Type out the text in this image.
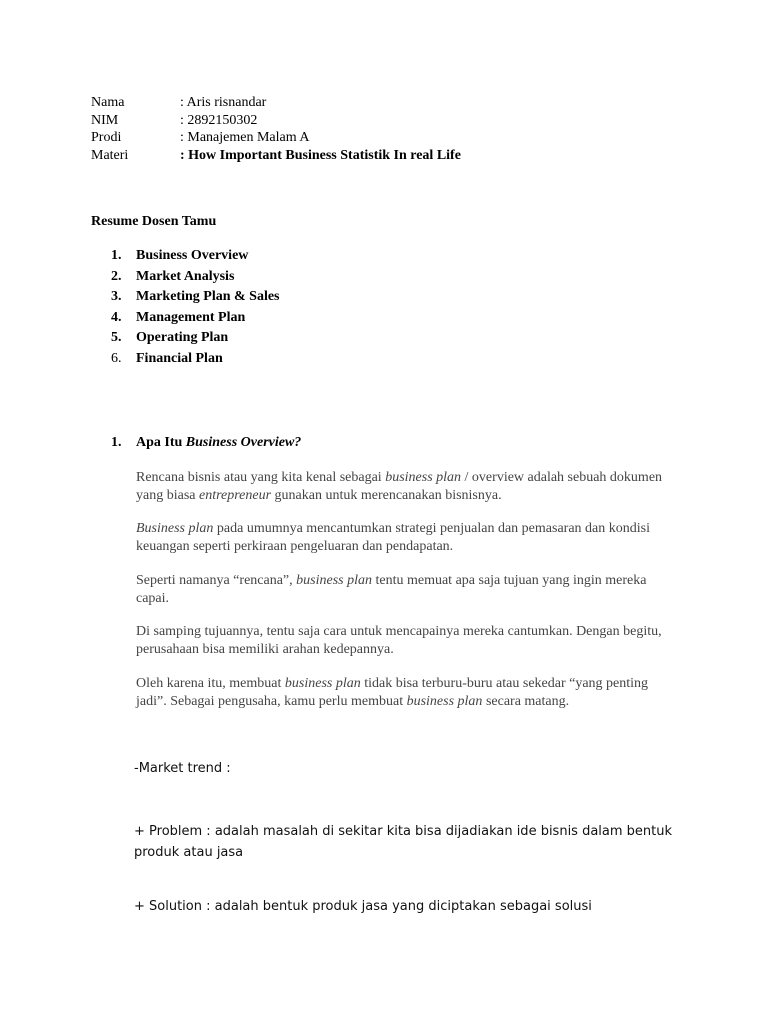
Nama	: Aris risnandar
NIM	: 2892150302
Prodi	: Manajemen Malam A
Materi	: How Important Business Statistik In real Life
Resume Dosen Tamu
1.	Business Overview
2.	Market Analysis
3.	Marketing Plan & Sales
4.	Management Plan
5.	Operating Plan
6.	Financial Plan
1.	Apa Itu Business Overview?

Rencana bisnis atau yang kita kenal sebagai business plan / overview adalah sebuah dokumen yang biasa entrepreneur gunakan untuk merencanakan bisnisnya.

Business plan pada umumnya mencantumkan strategi penjualan dan pemasaran dan kondisi keuangan seperti perkiraan pengeluaran dan pendapatan.

Seperti namanya “rencana”, business plan tentu memuat apa saja tujuan yang ingin mereka capai.

Di samping tujuannya, tentu saja cara untuk mencapainya mereka cantumkan. Dengan begitu, perusahaan bisa memiliki arahan kedepannya.

Oleh karena itu, membuat business plan tidak bisa terburu-buru atau sekedar “yang penting jadi”. Sebagai pengusaha, kamu perlu membuat business plan secara matang.

-Market trend :
+ Problem : adalah masalah di sekitar kita bisa dijadiakan ide bisnis dalam bentuk produk atau jasa
+ Solution : adalah bentuk produk jasa yang diciptakan sebagai solusi
